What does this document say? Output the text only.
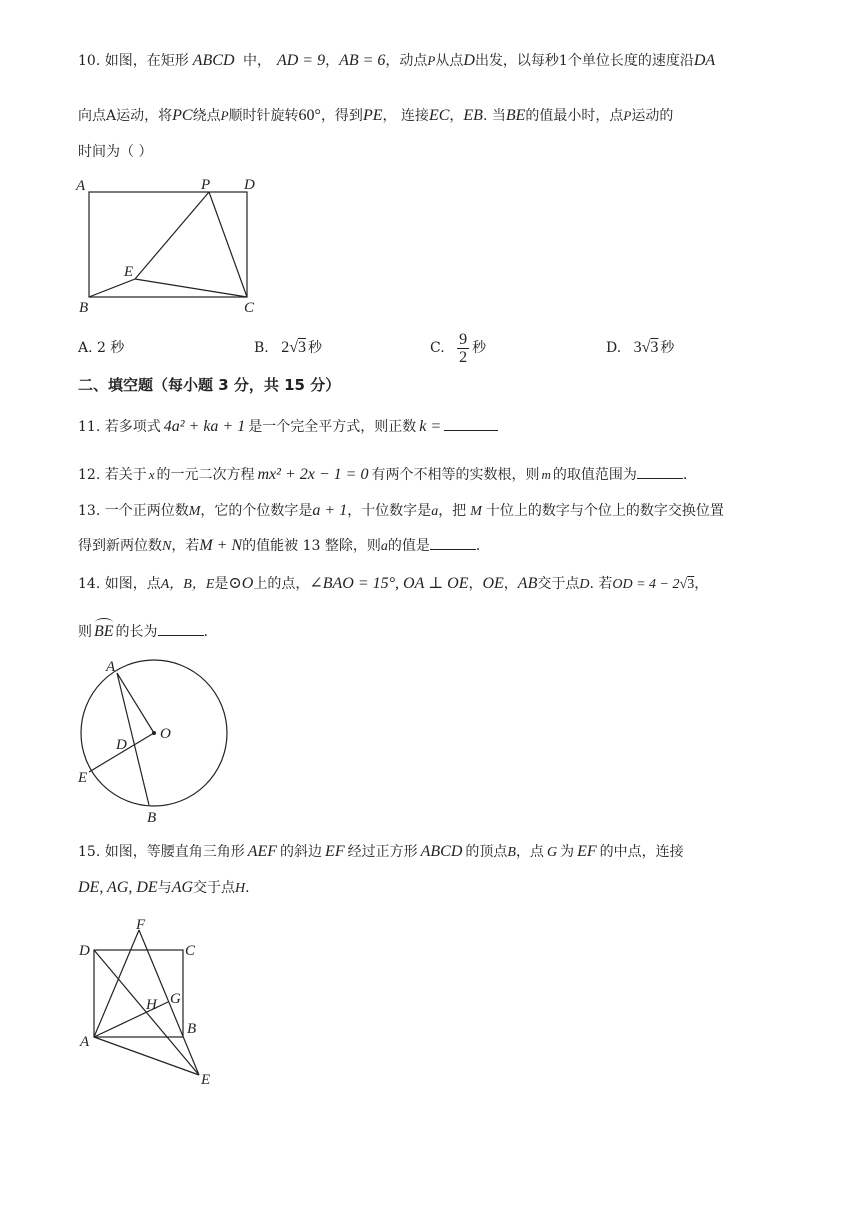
10. 如图，在矩形 ABCD 中， AD = 9，AB = 6，动点P从点D出发，以每秒1个单位长度的速度沿DA
向点A运动，将PC绕点P顺时针旋转60°，得到PE， 连接EC，EB. 当BE的值最小时，点P运动的
时间为（ ）
A	P D
E
B	C
A. 2 秒	B. 2√3 秒	C. $\frac{9}{2}$ 秒	D. 3√3 秒
二、填空题（每小题 3 分，共 15 分）
11. 若多项式 4a² + ka + 1 是一个完全平方式，则正数 k =
12. 若关于 x 的一元二次方程 mx² + 2x − 1 = 0 有两个不相等的实数根，则 m 的取值范围为	.
13. 一个正两位数M，它的个位数字是a + 1，十位数字是a，把 M 十位上的数字与个位上的数字交换位置
得到新两位数N，若M + N的值能被 13 整除，则a的值是	.
14. 如图，点A，B，E是⊙O上的点，∠BAO = 15°, OA ⊥ OE，OE，AB交于点D. 若OD = 4 − 2√3，
则 BE 的长为	.
A
O
D
E
B
15. 如图，等腰直角三角形 AEF 的斜边 EF 经过正方形 ABCD 的顶点B，点 G 为 EF 的中点，连接
DE, AG, DE与AG交于点H.
D
F
C
H G
B
A
E
